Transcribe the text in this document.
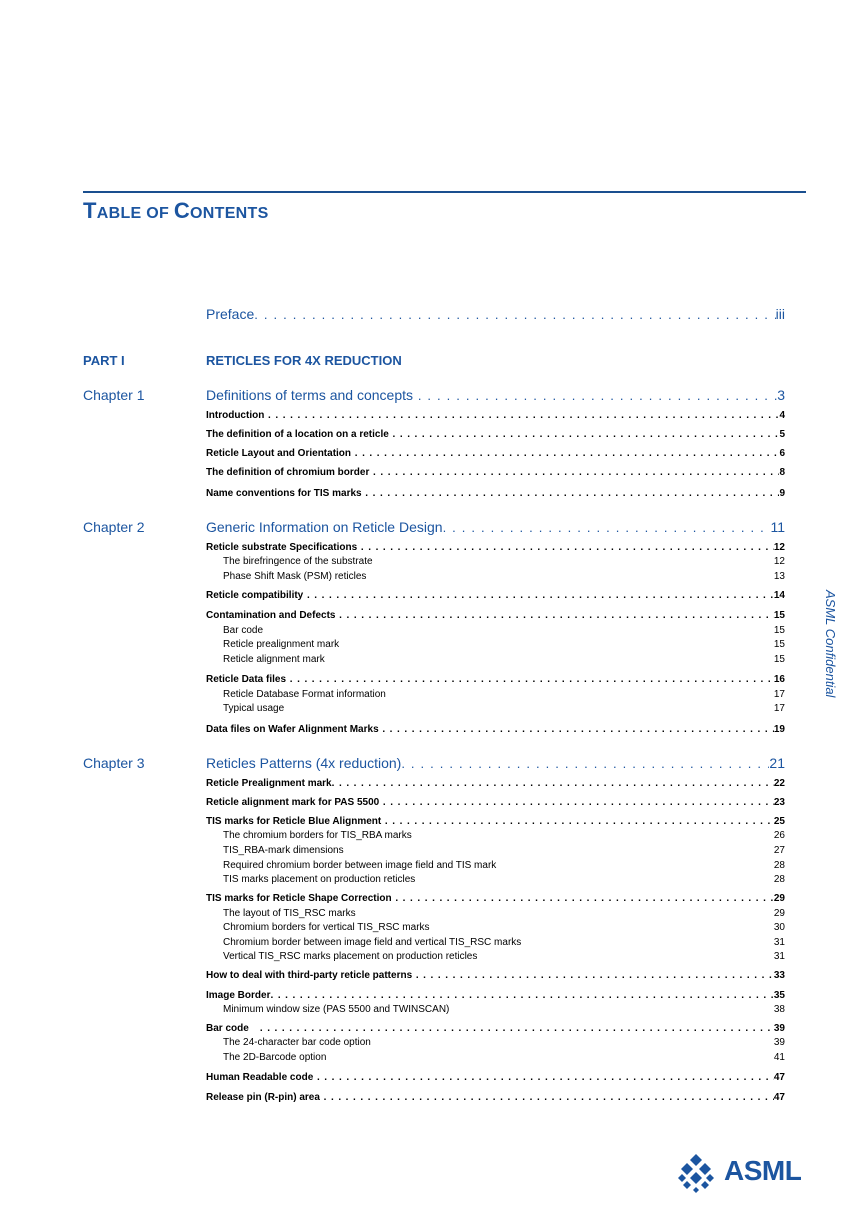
TABLE OF CONTENTS
ASML Confidential
Preface . . .	iii
PART I	RETICLES FOR 4X REDUCTION
Chapter 1	Definitions of terms and concepts . . .	3
Introduction . . .	4
The definition of a location on a reticle . . .	5
Reticle Layout and Orientation . . .	6
The definition of chromium border . . .	8
Name conventions for TIS marks . . .	9
Chapter 2	Generic Information on Reticle Design . . .	11
Reticle substrate Specifications . . .	12
The birefringence of the substrate	12
Phase Shift Mask (PSM) reticles	13
Reticle compatibility . . .	14
Contamination and Defects . . .	15
Bar code	15
Reticle prealignment mark	15
Reticle alignment mark	15
Reticle Data files . . .	16
Reticle Database Format information	17
Typical usage	17
Data files on Wafer Alignment Marks . . .	19
Chapter 3	Reticles Patterns (4x reduction) . . .	21
Reticle Prealignment mark . . .	22
Reticle alignment mark for PAS 5500 . . .	23
TIS marks for Reticle Blue Alignment . . .	25
The chromium borders for TIS_RBA marks	26
TIS_RBA-mark dimensions	27
Required chromium border between image field and TIS mark	28
TIS marks placement on production reticles	28
TIS marks for Reticle Shape Correction . . .	29
The layout of TIS_RSC marks	29
Chromium borders for vertical TIS_RSC marks	30
Chromium border between image field and vertical TIS_RSC marks	31
Vertical TIS_RSC marks placement on production reticles	31
How to deal with third-party reticle patterns . . .	33
Image Border . . .	35
Minimum window size (PAS 5500 and TWINSCAN)	38
Bar code . . .	39
The 24-character bar code option	39
The 2D-Barcode option	41
Human Readable code . . .	47
Release pin (R-pin) area . . .	47
ASML
